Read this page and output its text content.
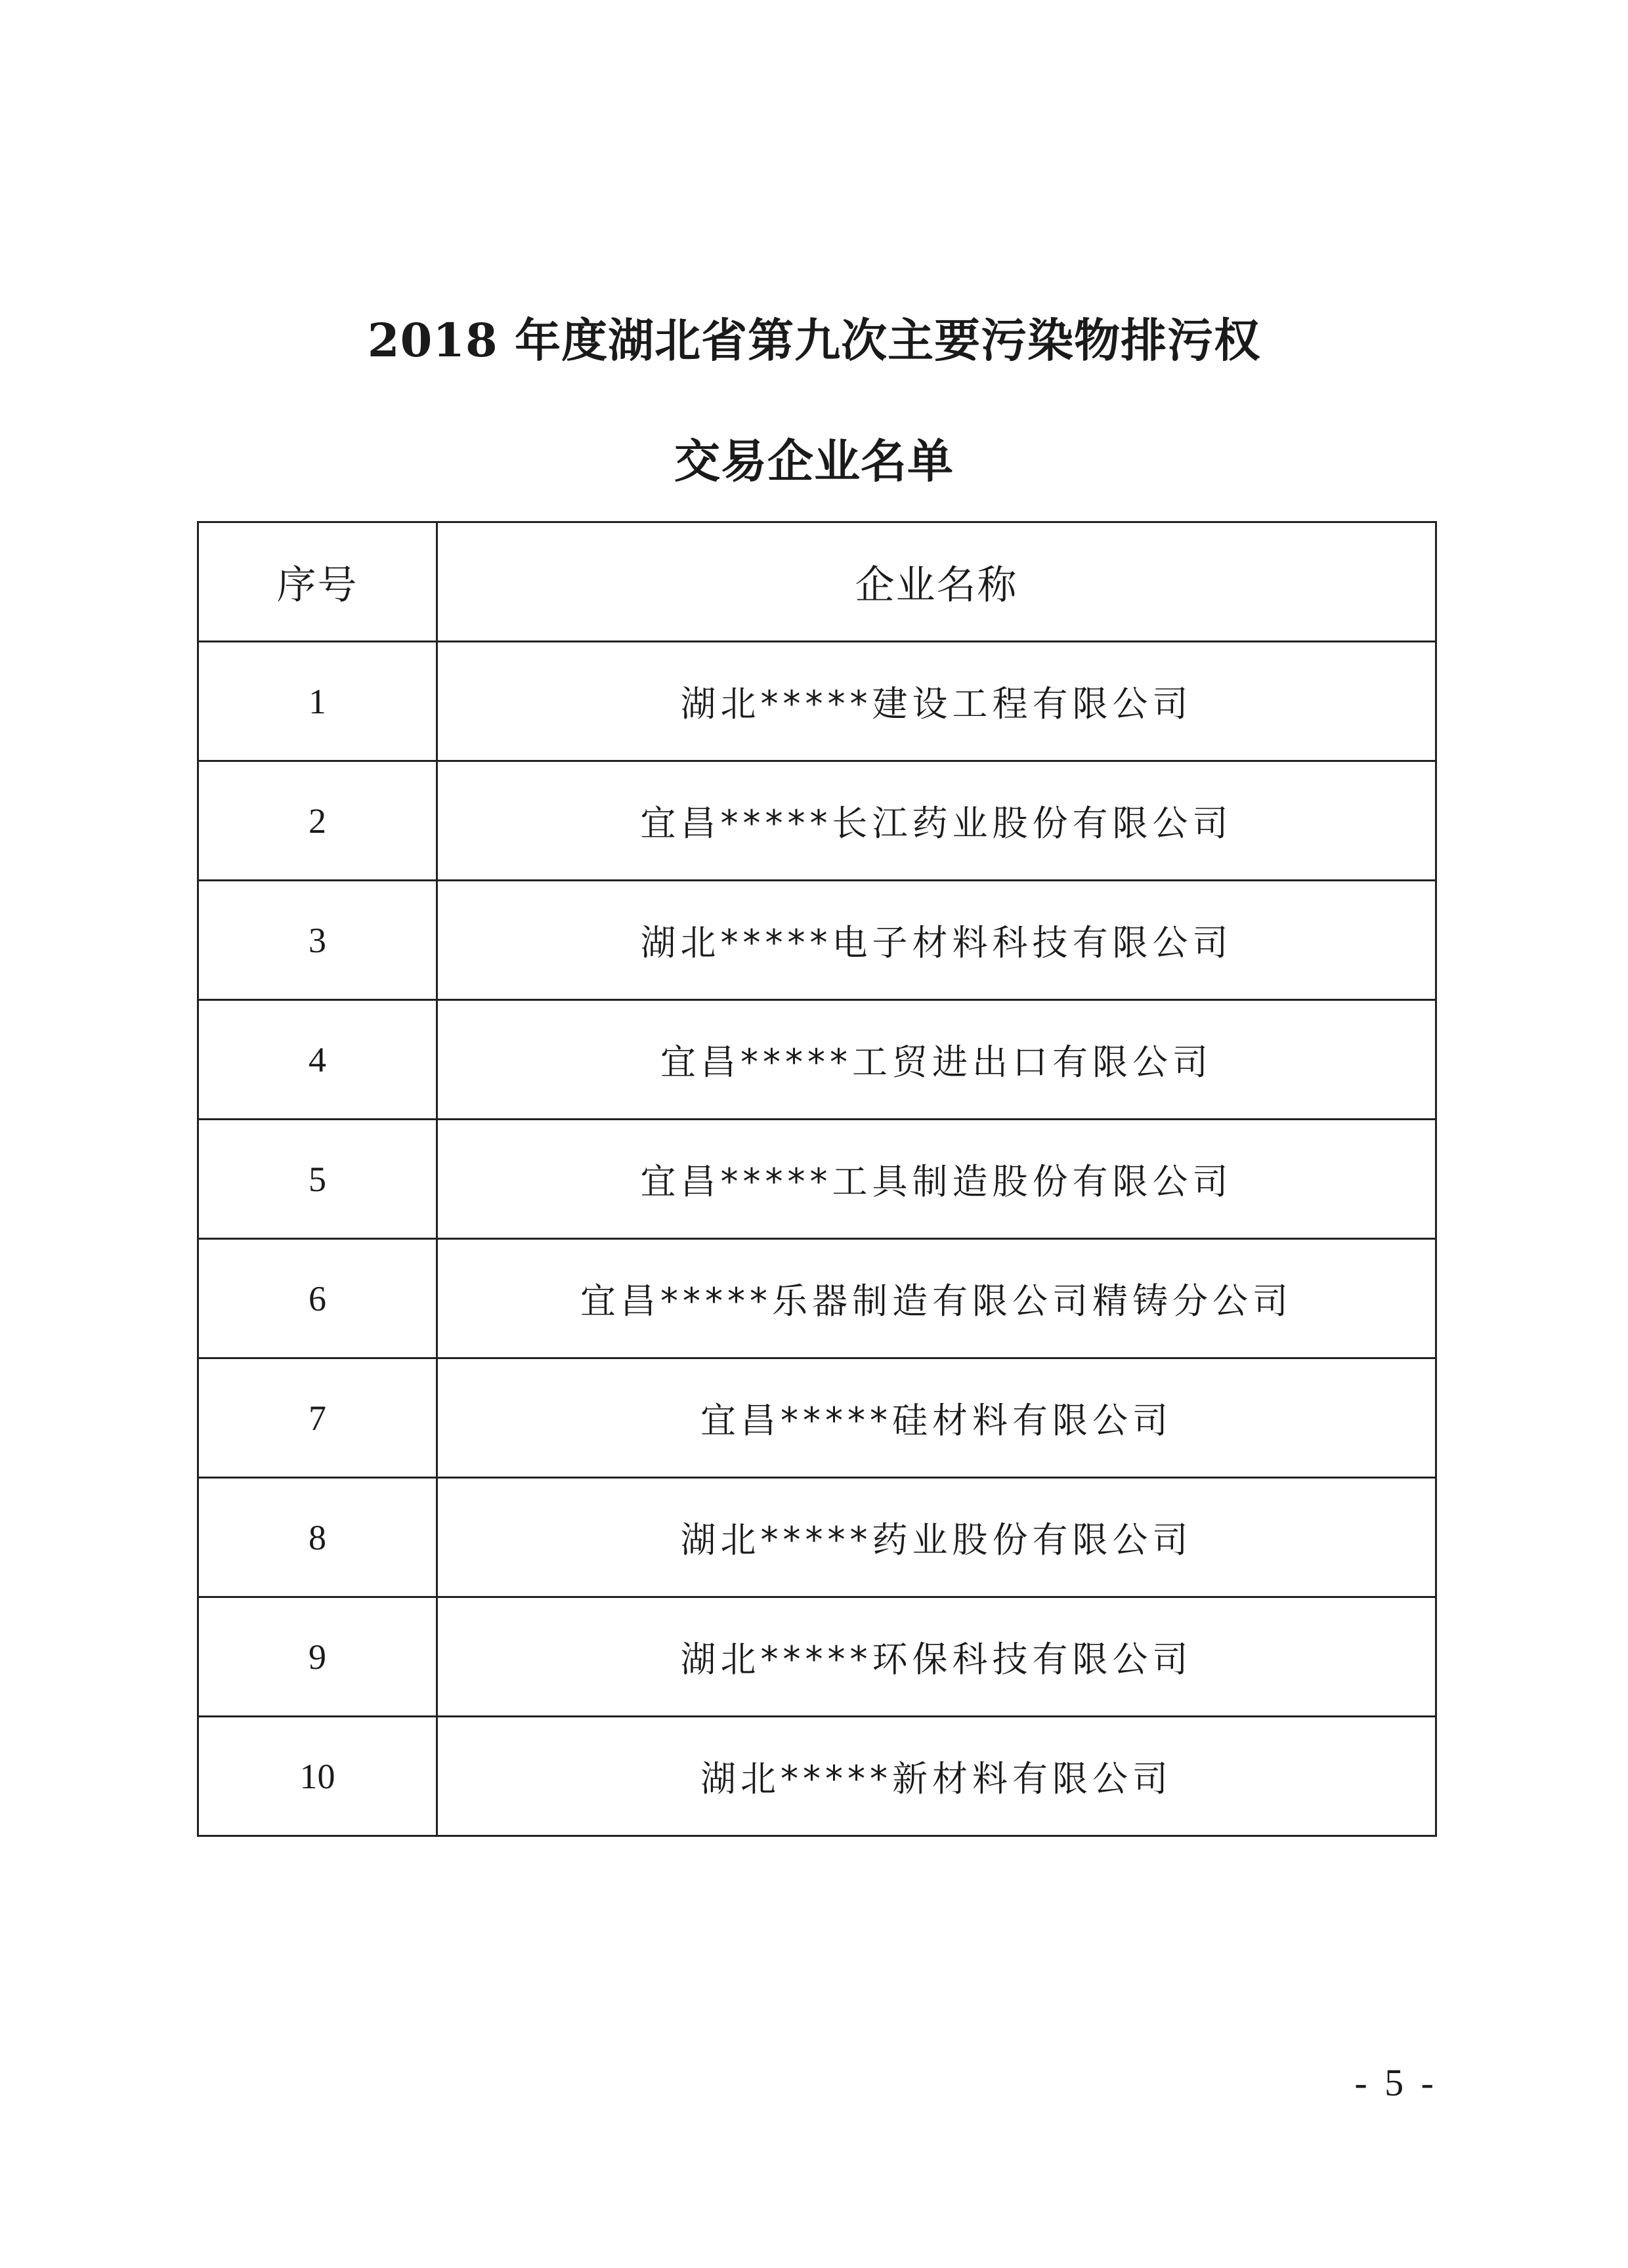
2018 年度湖北省第九次主要污染物排污权
交易企业名单
序号	企业名称
1	湖北*****建设工程有限公司
2	宜昌*****长江药业股份有限公司
3	湖北*****电子材料科技有限公司
4	宜昌*****工贸进出口有限公司
5	宜昌*****工具制造股份有限公司
6	宜昌*****乐器制造有限公司精铸分公司
7	宜昌*****硅材料有限公司
8	湖北*****药业股份有限公司
9	湖北*****环保科技有限公司
10	湖北*****新材料有限公司
- 5 -
